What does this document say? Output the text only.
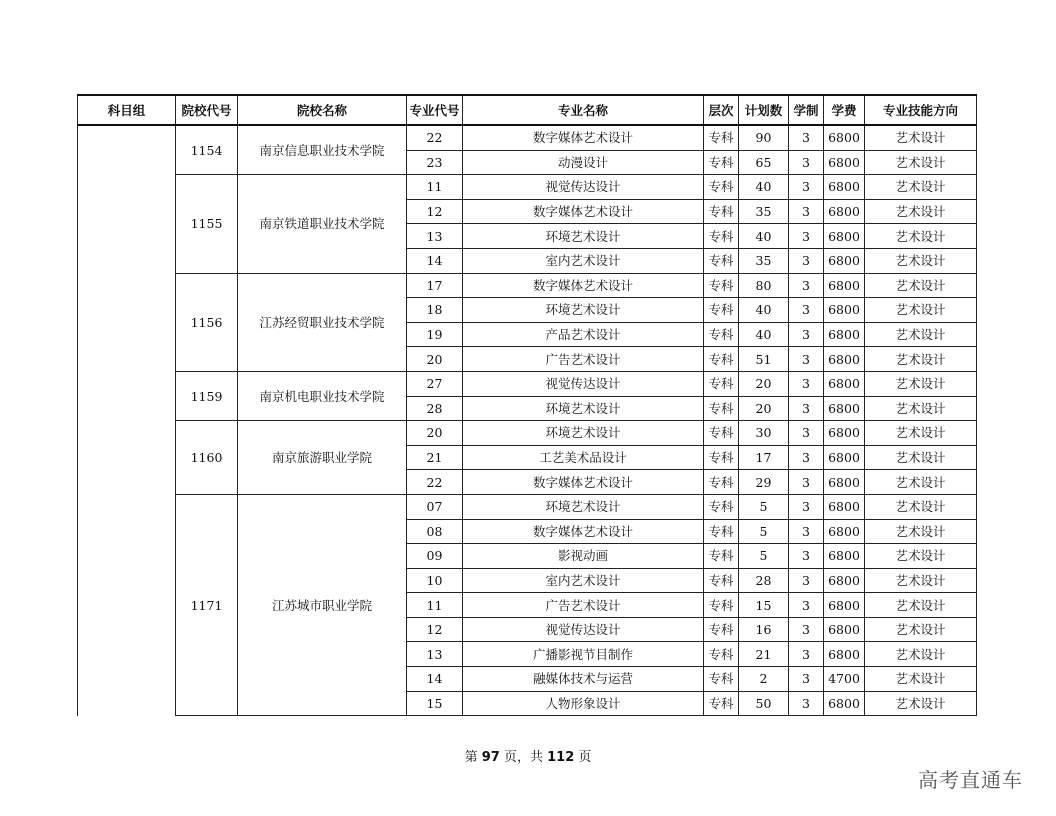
科目组	院校代号	院校名称	专业代号	专业名称	层次	计划数	学制	学费	专业技能方向
	1154	南京信息职业技术学院	22	数字媒体艺术设计	专科	90	3	6800	艺术设计
			23	动漫设计	专科	65	3	6800	艺术设计
	1155	南京铁道职业技术学院	11	视觉传达设计	专科	40	3	6800	艺术设计
			12	数字媒体艺术设计	专科	35	3	6800	艺术设计
			13	环境艺术设计	专科	40	3	6800	艺术设计
			14	室内艺术设计	专科	35	3	6800	艺术设计
	1156	江苏经贸职业技术学院	17	数字媒体艺术设计	专科	80	3	6800	艺术设计
			18	环境艺术设计	专科	40	3	6800	艺术设计
			19	产品艺术设计	专科	40	3	6800	艺术设计
			20	广告艺术设计	专科	51	3	6800	艺术设计
	1159	南京机电职业技术学院	27	视觉传达设计	专科	20	3	6800	艺术设计
			28	环境艺术设计	专科	20	3	6800	艺术设计
	1160	南京旅游职业学院	20	环境艺术设计	专科	30	3	6800	艺术设计
			21	工艺美术品设计	专科	17	3	6800	艺术设计
			22	数字媒体艺术设计	专科	29	3	6800	艺术设计
	1171	江苏城市职业学院	07	环境艺术设计	专科	5	3	6800	艺术设计
			08	数字媒体艺术设计	专科	5	3	6800	艺术设计
			09	影视动画	专科	5	3	6800	艺术设计
			10	室内艺术设计	专科	28	3	6800	艺术设计
			11	广告艺术设计	专科	15	3	6800	艺术设计
			12	视觉传达设计	专科	16	3	6800	艺术设计
			13	广播影视节目制作	专科	21	3	6800	艺术设计
			14	融媒体技术与运营	专科	2	3	4700	艺术设计
			15	人物形象设计	专科	50	3	6800	艺术设计
第 97 页，共 112 页
高考直通车
